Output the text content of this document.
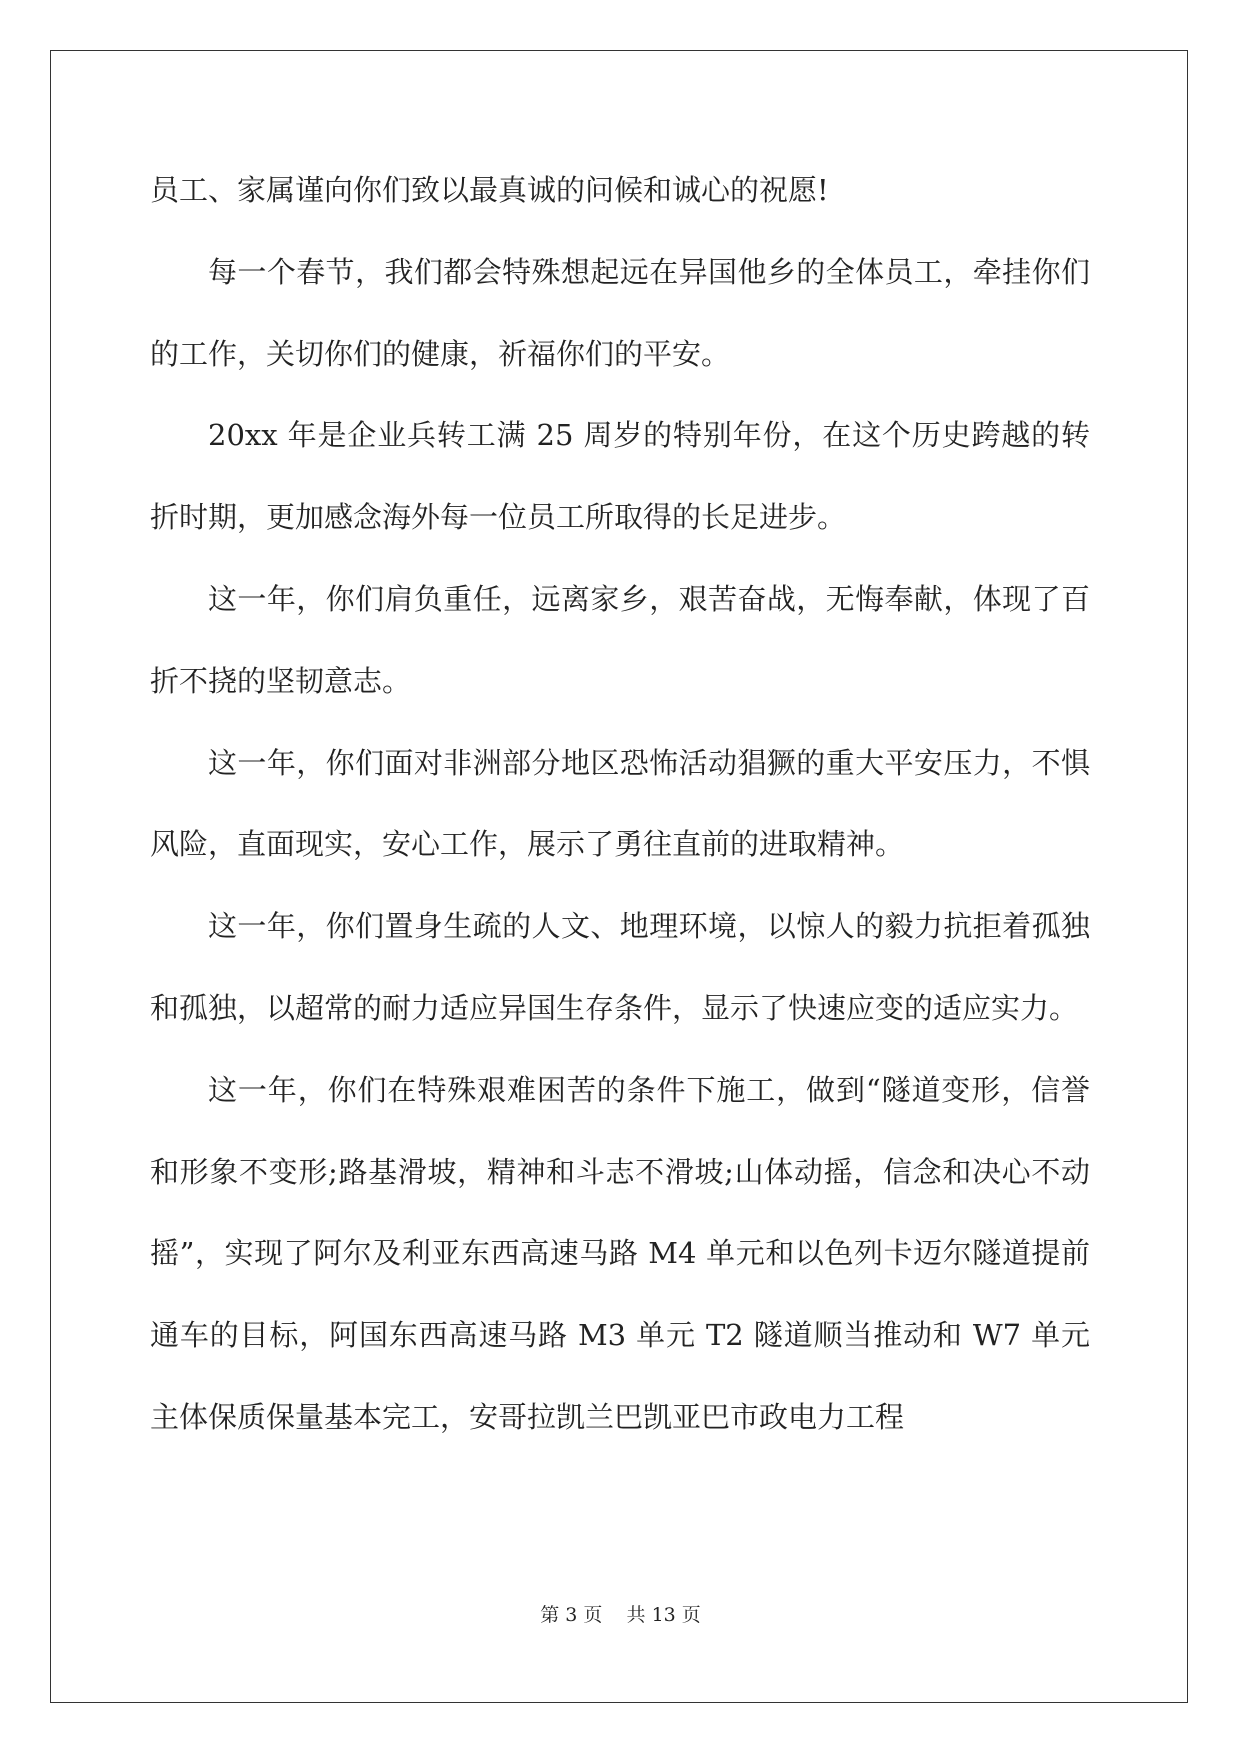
员工、家属谨向你们致以最真诚的问候和诚心的祝愿!

每一个春节，我们都会特殊想起远在异国他乡的全体员工，牵挂你们的工作，关切你们的健康，祈福你们的平安。

20xx 年是企业兵转工满 25 周岁的特别年份，在这个历史跨越的转折时期，更加感念海外每一位员工所取得的长足进步。

这一年，你们肩负重任，远离家乡，艰苦奋战，无悔奉献，体现了百折不挠的坚韧意志。

这一年，你们面对非洲部分地区恐怖活动猖獗的重大平安压力，不惧风险，直面现实，安心工作，展示了勇往直前的进取精神。

这一年，你们置身生疏的人文、地理环境，以惊人的毅力抗拒着孤独和孤独，以超常的耐力适应异国生存条件，显示了快速应变的适应实力。

这一年，你们在特殊艰难困苦的条件下施工，做到“隧道变形，信誉和形象不变形;路基滑坡，精神和斗志不滑坡;山体动摇，信念和决心不动摇”，实现了阿尔及利亚东西高速马路 M4 单元和以色列卡迈尔隧道提前通车的目标，阿国东西高速马路 M3 单元 T2 隧道顺当推动和 W7 单元主体保质保量基本完工，安哥拉凯兰巴凯亚巴市政电力工程

第 3 页    共 13 页
